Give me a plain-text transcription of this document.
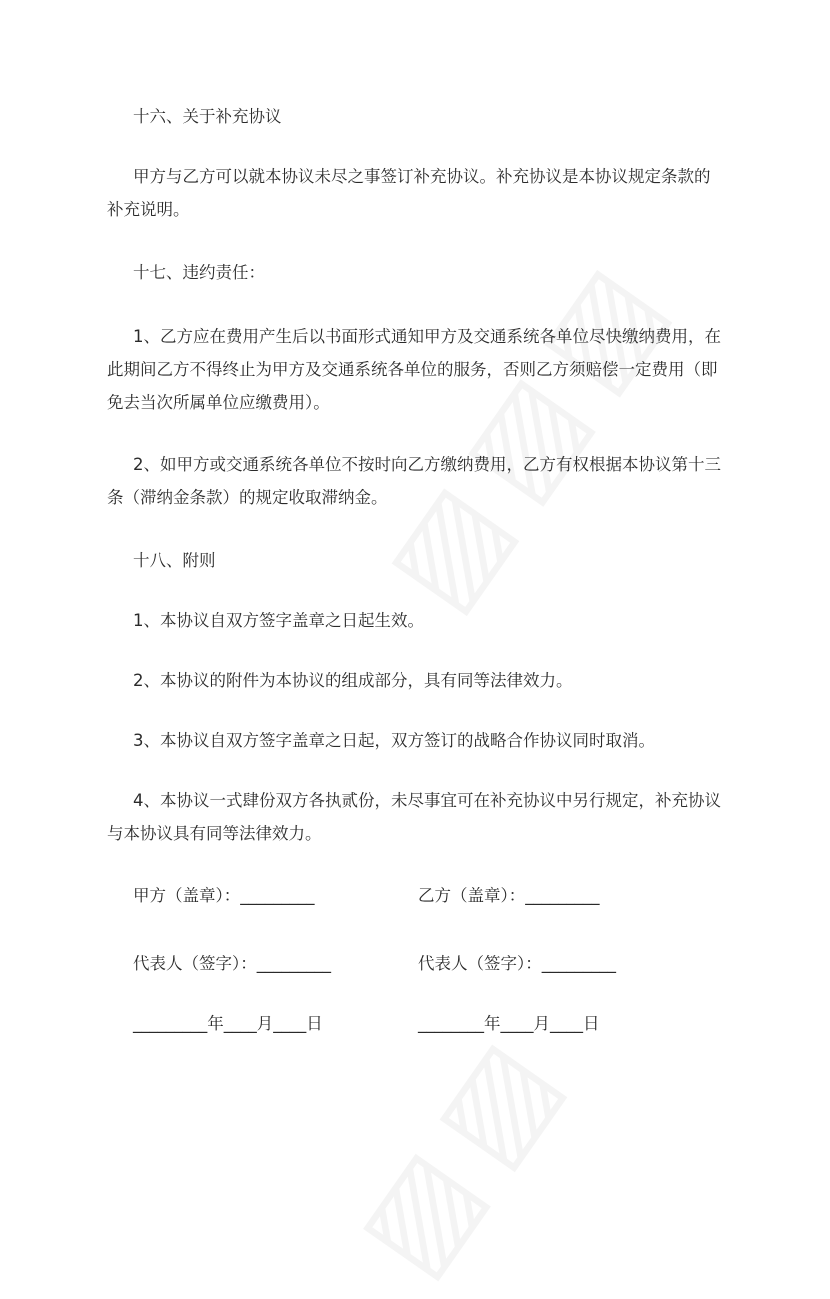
十六、关于补充协议
甲方与乙方可以就本协议未尽之事签订补充协议。补充协议是本协议规定条款的
补充说明。
十七、违约责任：
1、乙方应在费用产生后以书面形式通知甲方及交通系统各单位尽快缴纳费用，在
此期间乙方不得终止为甲方及交通系统各单位的服务，否则乙方须赔偿一定费用（即
免去当次所属单位应缴费用）。
2、如甲方或交通系统各单位不按时向乙方缴纳费用，乙方有权根据本协议第十三
条（滞纳金条款）的规定收取滞纳金。
十八、附则
1、本协议自双方签字盖章之日起生效。
2、本协议的附件为本协议的组成部分，具有同等法律效力。
3、本协议自双方签字盖章之日起，双方签订的战略合作协议同时取消。
4、本协议一式肆份双方各执贰份，未尽事宜可在补充协议中另行规定，补充协议
与本协议具有同等法律效力。
甲方（盖章）：_________	乙方（盖章）：_________
代表人（签字）：_________	代表人（签字）：_________
_________年____月____日	________年____月____日
